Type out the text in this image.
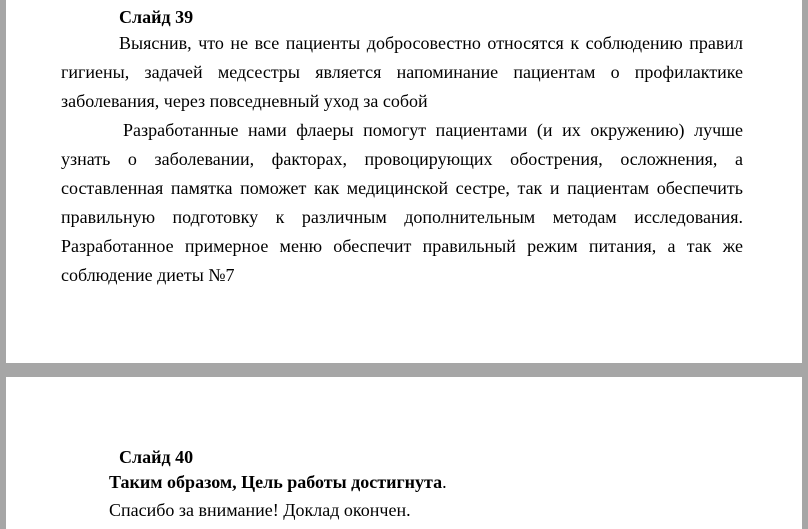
Слайд 39

Выяснив, что не все пациенты добросовестно относятся к соблюдению правил гигиены, задачей медсестры является напоминание пациентам о профилактике заболевания, через повседневный уход за собой

Разработанные нами флаеры помогут пациентами (и их окружению) лучше узнать о заболевании, факторах, провоцирующих обострения, осложнения, а составленная памятка поможет как медицинской сестре, так и пациентам обеспечить правильную подготовку к различным дополнительным методам исследования. Разработанное примерное меню обеспечит правильный режим питания, а так же соблюдение диеты №7

Слайд 40

Таким образом, Цель работы достигнута.

Спасибо за внимание! Доклад окончен.
